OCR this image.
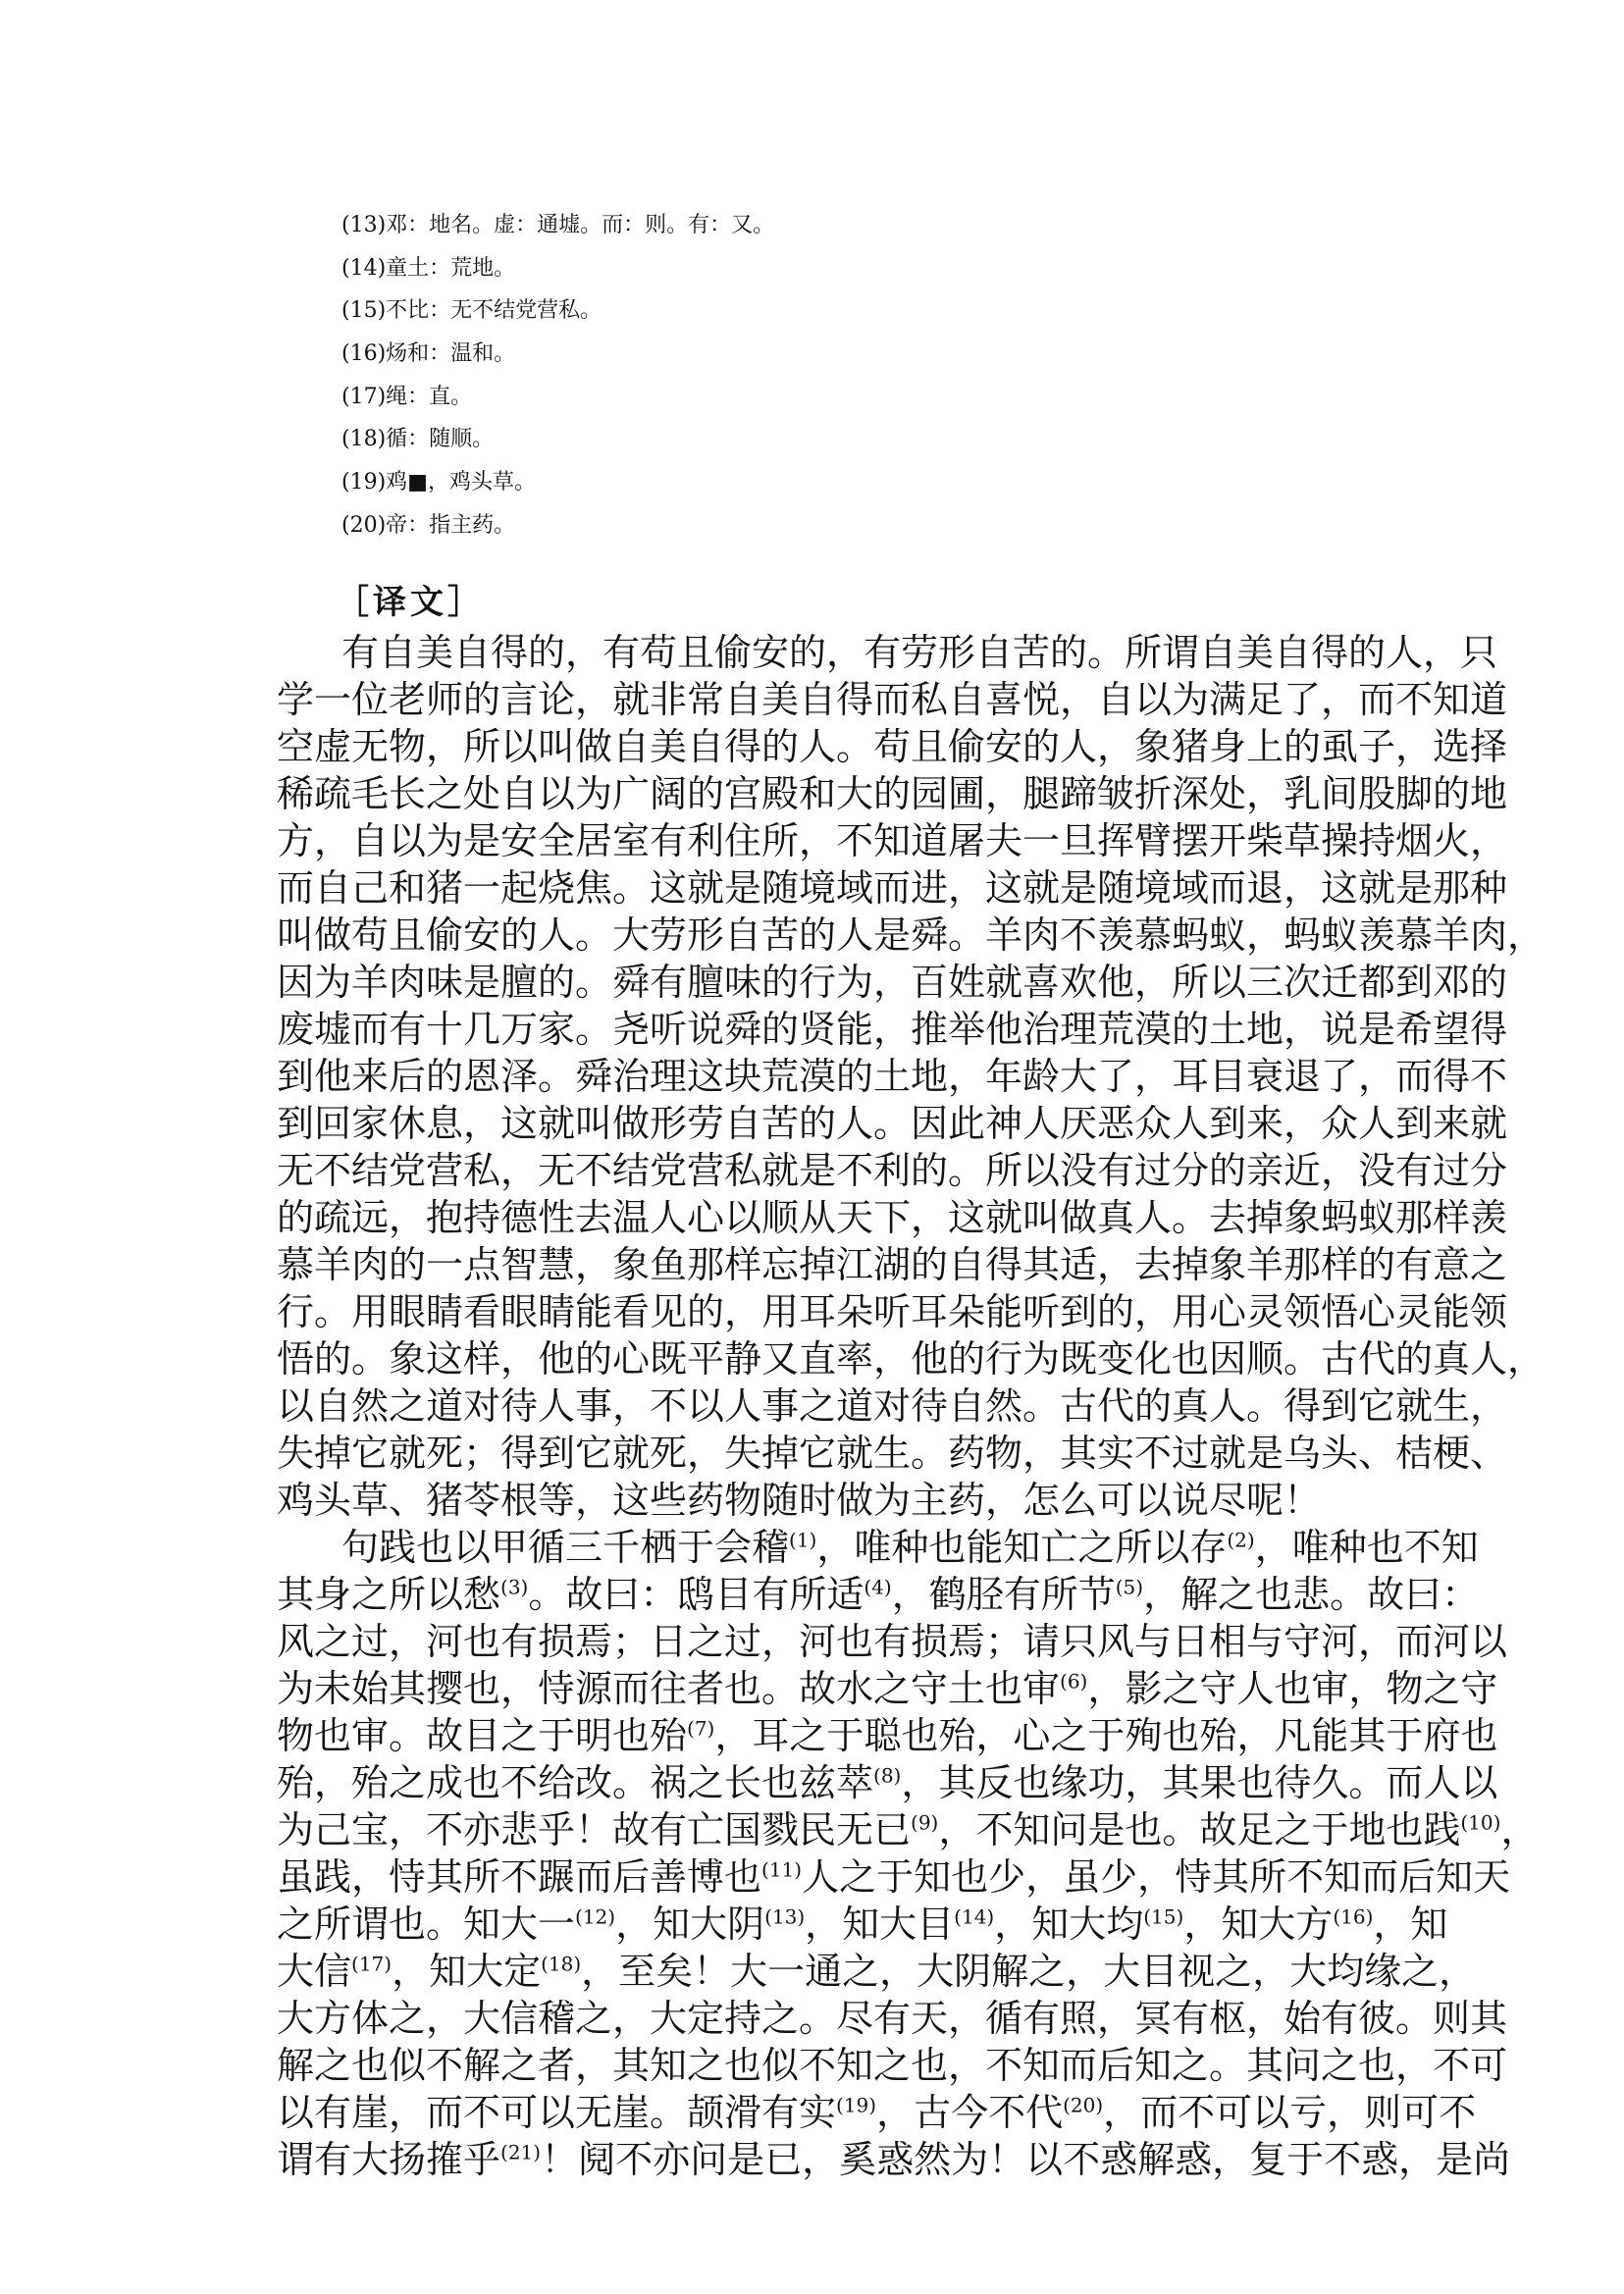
(13)邓：地名。虚：通墟。而：则。有：又。
(14)童土：荒地。
(15)不比：无不结党营私。
(16)炀和：温和。
(17)绳：直。
(18)循：随顺。
(19)鸡■，鸡头草。
(20)帝：指主药。
［译文］
有自美自得的，有苟且偷安的，有劳形自苦的。所谓自美自得的人，只
学一位老师的言论，就非常自美自得而私自喜悦，自以为满足了，而不知道
空虚无物，所以叫做自美自得的人。苟且偷安的人，象猪身上的虱子，选择
稀疏毛长之处自以为广阔的宫殿和大的园圃，腿蹄皱折深处，乳间股脚的地
方，自以为是安全居室有利住所，不知道屠夫一旦挥臂摆开柴草操持烟火，
而自己和猪一起烧焦。这就是随境域而进，这就是随境域而退，这就是那种
叫做苟且偷安的人。大劳形自苦的人是舜。羊肉不羡慕蚂蚁，蚂蚁羡慕羊肉，
因为羊肉味是膻的。舜有膻味的行为，百姓就喜欢他，所以三次迁都到邓的
废墟而有十几万家。尧听说舜的贤能，推举他治理荒漠的土地，说是希望得
到他来后的恩泽。舜治理这块荒漠的土地，年龄大了，耳目衰退了，而得不
到回家休息，这就叫做形劳自苦的人。因此神人厌恶众人到来，众人到来就
无不结党营私，无不结党营私就是不利的。所以没有过分的亲近，没有过分
的疏远，抱持德性去温人心以顺从天下，这就叫做真人。去掉象蚂蚁那样羡
慕羊肉的一点智慧，象鱼那样忘掉江湖的自得其适，去掉象羊那样的有意之
行。用眼睛看眼睛能看见的，用耳朵听耳朵能听到的，用心灵领悟心灵能领
悟的。象这样，他的心既平静又直率，他的行为既变化也因顺。古代的真人，
以自然之道对待人事，不以人事之道对待自然。古代的真人。得到它就生，
失掉它就死；得到它就死，失掉它就生。药物，其实不过就是乌头、桔梗、
鸡头草、猪苓根等，这些药物随时做为主药，怎么可以说尽呢！
句践也以甲循三千栖于会稽$^{(1)}$，唯种也能知亡之所以存$^{(2)}$，唯种也不知
其身之所以愁$^{(3)}$。故曰：鸱目有所适$^{(4)}$，鹤胫有所节$^{(5)}$，解之也悲。故曰：
风之过，河也有损焉；日之过，河也有损焉；请只风与日相与守河，而河以
为未始其撄也，恃源而往者也。故水之守土也审$^{(6)}$，影之守人也审，物之守
物也审。故目之于明也殆$^{(7)}$，耳之于聪也殆，心之于殉也殆，凡能其于府也
殆，殆之成也不给改。祸之长也兹萃$^{(8)}$，其反也缘功，其果也待久。而人以
为己宝，不亦悲乎！故有亡国戮民无已$^{(9)}$，不知问是也。故足之于地也践$^{(10)}$，
虽践，恃其所不蹍而后善博也$^{(11)}$人之于知也少，虽少，恃其所不知而后知天
之所谓也。知大一$^{(12)}$，知大阴$^{(13)}$，知大目$^{(14)}$，知大均$^{(15)}$，知大方$^{(16)}$，知
大信$^{(17)}$，知大定$^{(18)}$，至矣！大一通之，大阴解之，大目视之，大均缘之，
大方体之，大信稽之，大定持之。尽有天，循有照，冥有枢，始有彼。则其
解之也似不解之者，其知之也似不知之也，不知而后知之。其问之也，不可
以有崖，而不可以无崖。颉滑有实$^{(19)}$，古今不代$^{(20)}$，而不可以亏，则可不
谓有大扬搉乎$^{(21)}$！阋不亦问是已，奚惑然为！以不惑解惑，复于不惑，是尚
